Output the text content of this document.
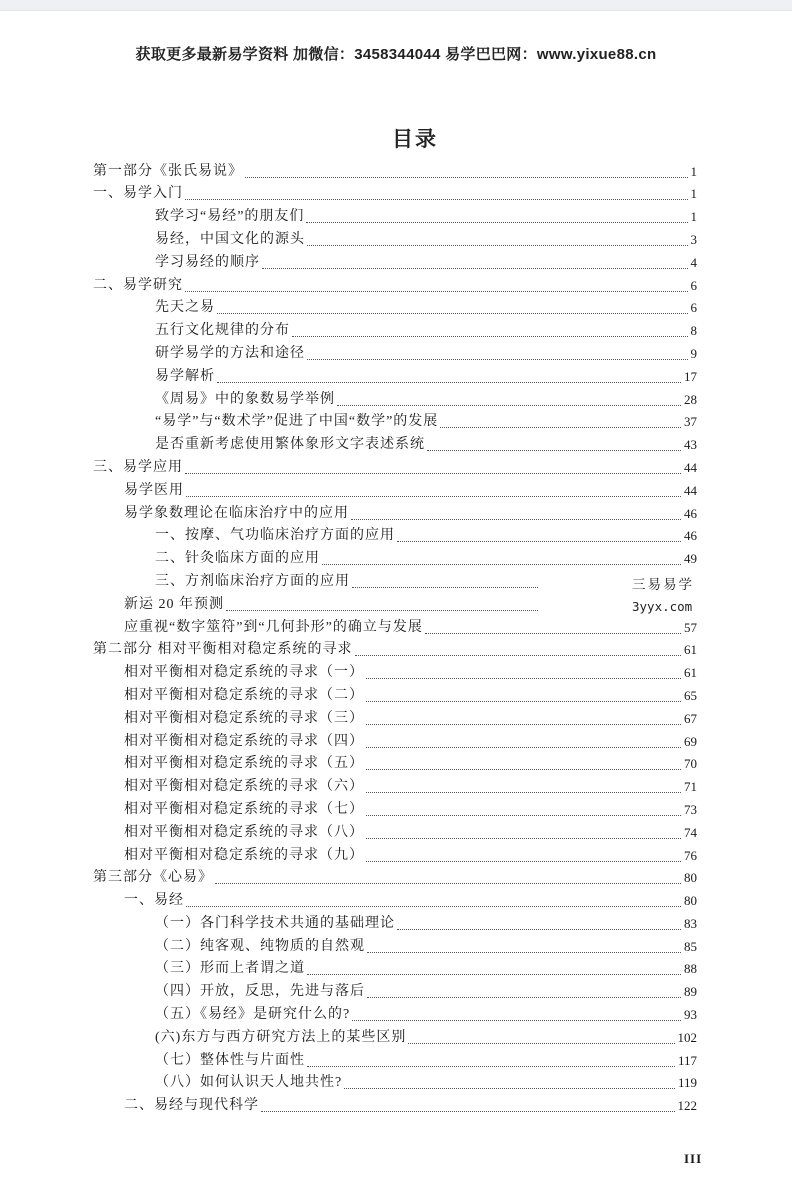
获取更多最新易学资料 加微信：3458344044 易学巴巴网：www.yixue88.cn
目录
第一部分《张氏易说》	1
一、易学入门	1
致学习“易经”的朋友们	1
易经，中国文化的源头	3
学习易经的顺序	4
二、易学研究	6
先天之易	6
五行文化规律的分布	8
研学易学的方法和途径	9
易学解析	17
《周易》中的象数易学举例	28
“易学”与“数术学”促进了中国“数学”的发展	37
是否重新考虑使用繁体象形文字表述系统	43
三、易学应用	44
易学医用	44
易学象数理论在临床治疗中的应用	46
一、按摩、气功临床治疗方面的应用	46
二、针灸临床方面的应用	49
三、方剂临床治疗方面的应用
新运 20 年预测
应重视“数字筮符”到“几何卦形”的确立与发展	57
第二部分 相对平衡相对稳定系统的寻求	61
相对平衡相对稳定系统的寻求（一）	61
相对平衡相对稳定系统的寻求（二）	65
相对平衡相对稳定系统的寻求（三）	67
相对平衡相对稳定系统的寻求（四）	69
相对平衡相对稳定系统的寻求（五）	70
相对平衡相对稳定系统的寻求（六）	71
相对平衡相对稳定系统的寻求（七）	73
相对平衡相对稳定系统的寻求（八）	74
相对平衡相对稳定系统的寻求（九）	76
第三部分《心易》	80
一、易经	80
（一）各门科学技术共通的基础理论	83
（二）纯客观、纯物质的自然观	85
（三）形而上者谓之道	88
（四）开放，反思，先进与落后	89
（五）《易经》是研究什么的?	93
(六)东方与西方研究方法上的某些区别	102
（七）整体性与片面性	117
（八）如何认识天人地共性?	119
二、易经与现代科学	122
三易易学
3yyx.com
III
